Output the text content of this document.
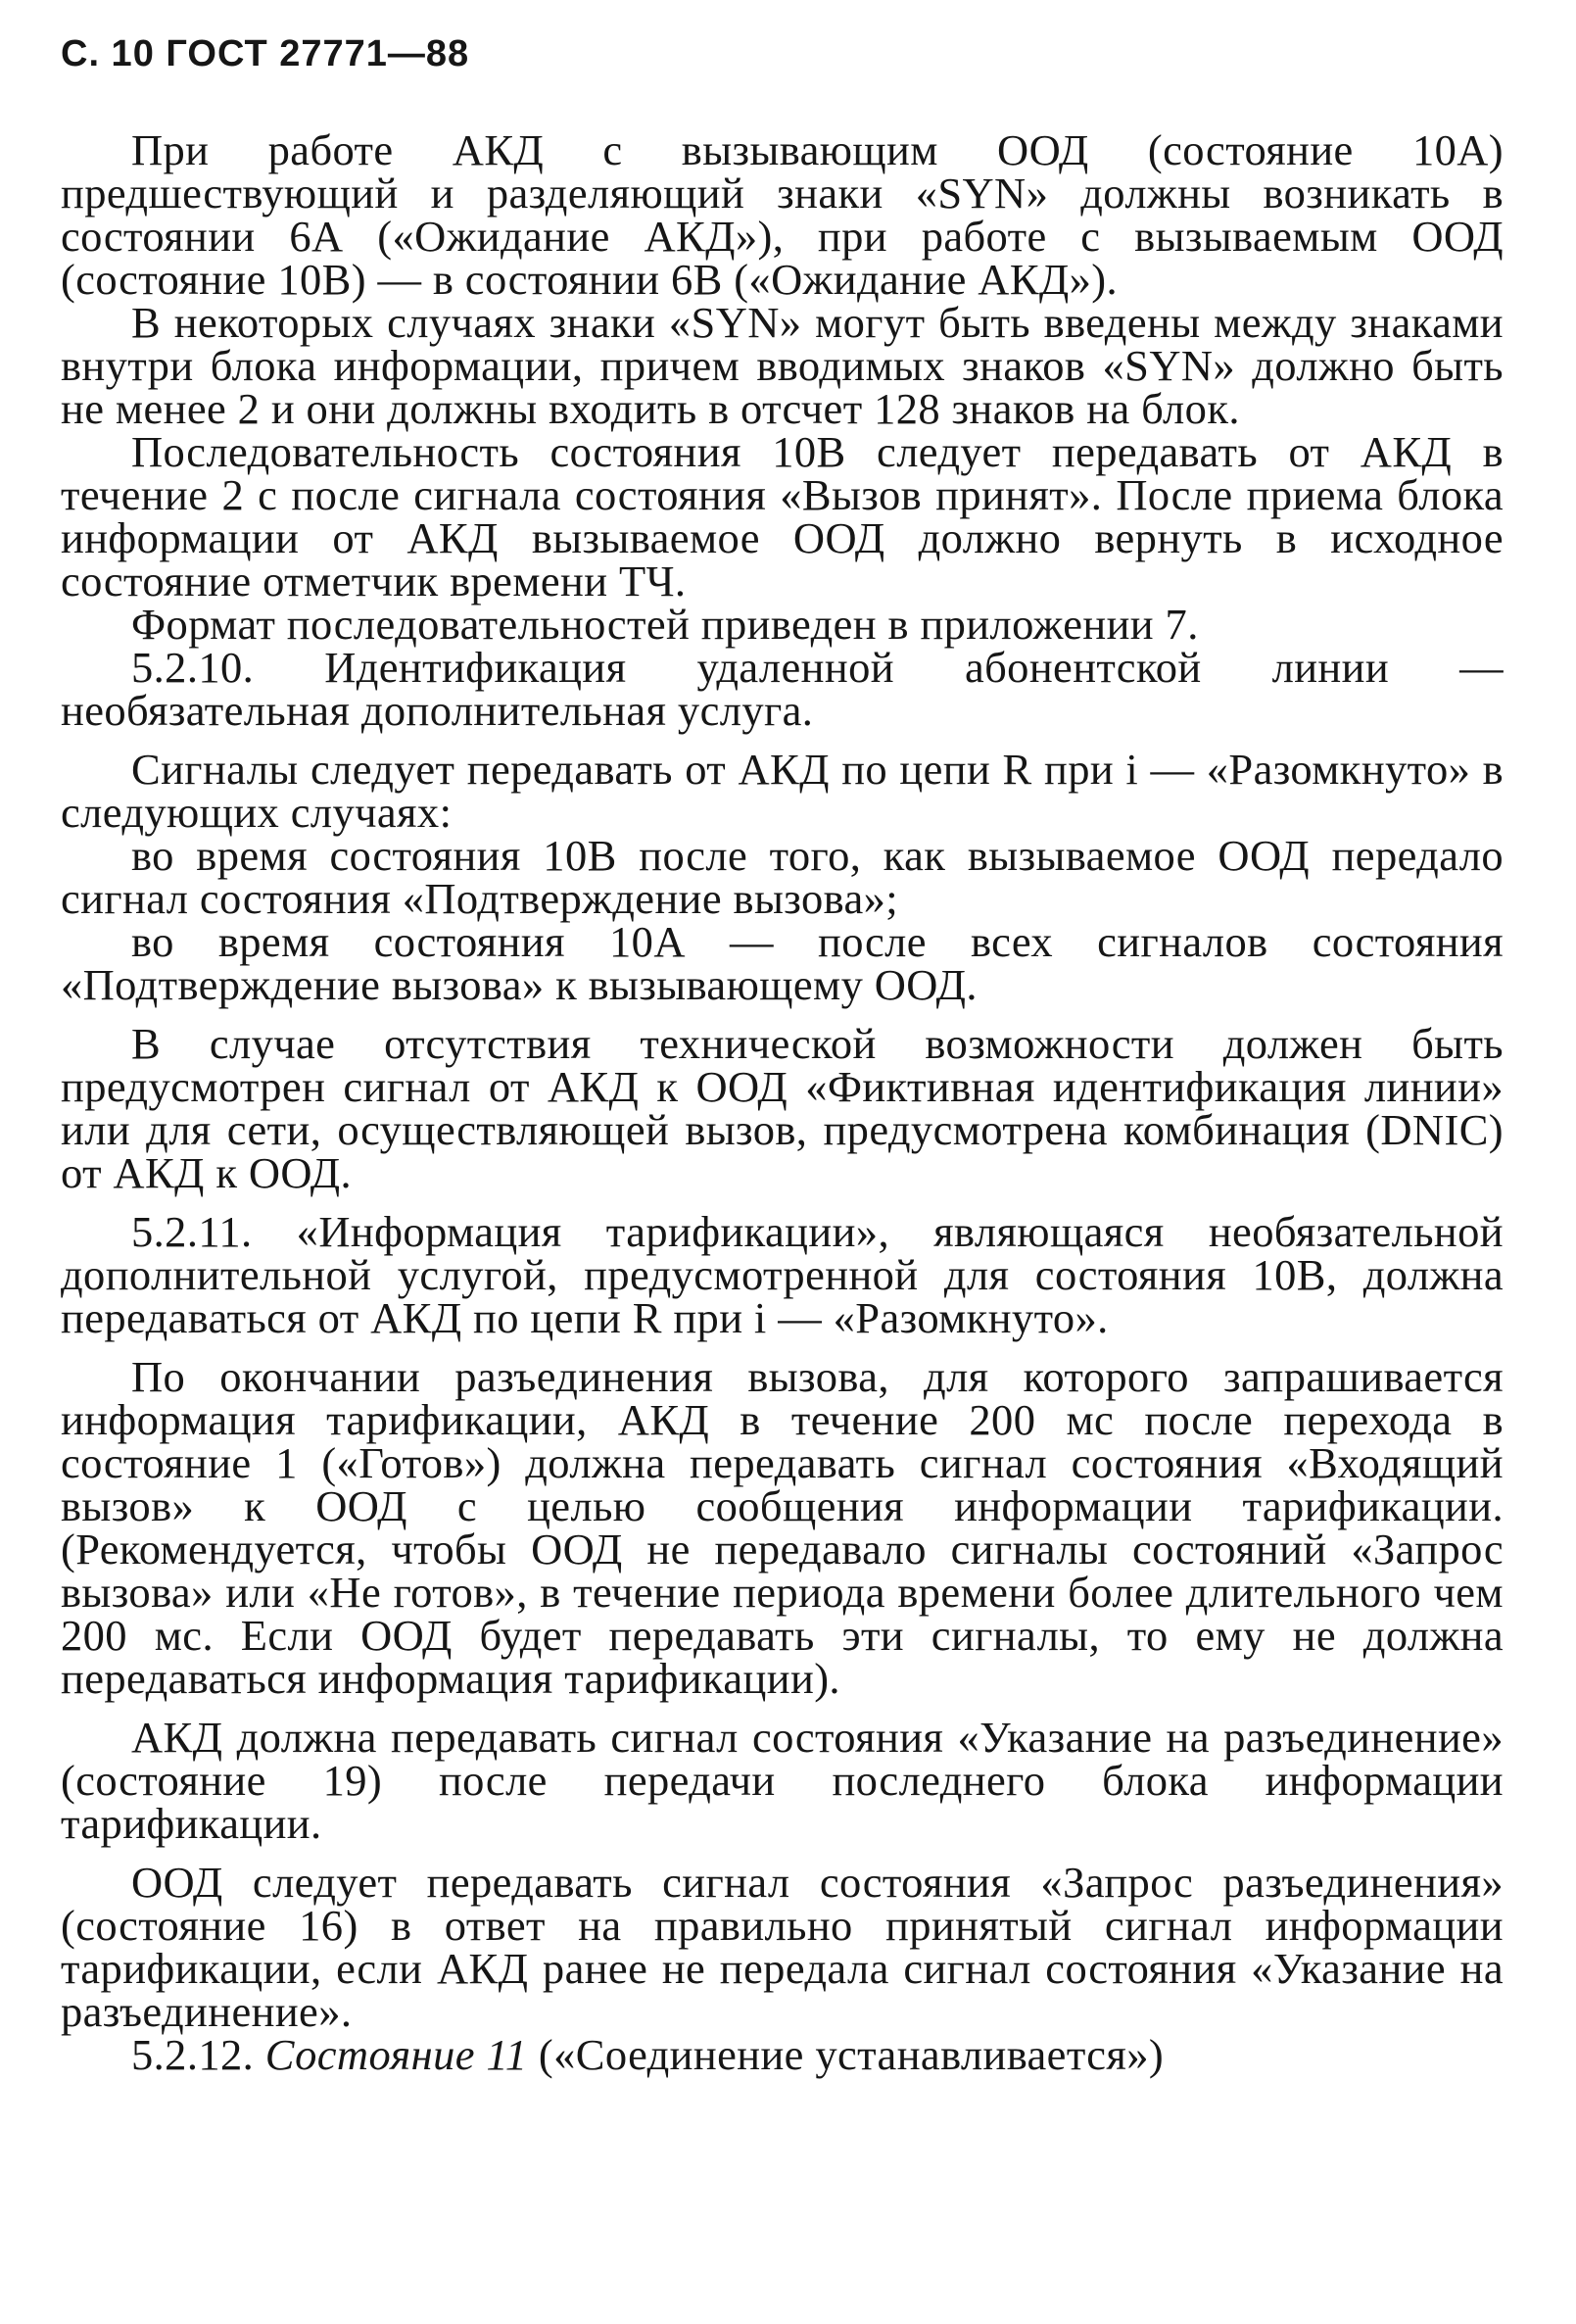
С. 10 ГОСТ 27771—88

При работе АКД с вызывающим ООД (состояние 10А) предшествующий и разделяющий знаки «SYN» должны возникать в состоянии 6А («Ожидание АКД»), при работе с вызываемым ООД (состояние 10В) — в состоянии 6В («Ожидание АКД»).

В некоторых случаях знаки «SYN» могут быть введены между знаками внутри блока информации, причем вводимых знаков «SYN» должно быть не менее 2 и они должны входить в отсчет 128 знаков на блок.

Последовательность состояния 10В следует передавать от АКД в течение 2 с после сигнала состояния «Вызов принят». После приема блока информации от АКД вызываемое ООД должно вернуть в исходное состояние отметчик времени ТЧ.

Формат последовательностей приведен в приложении 7.

5.2.10. Идентификация удаленной абонентской линии — необязательная дополнительная услуга.

Сигналы следует передавать от АКД по цепи R при i — «Разомкнуто» в следующих случаях:

во время состояния 10В после того, как вызываемое ООД передало сигнал состояния «Подтверждение вызова»;

во время состояния 10А — после всех сигналов состояния «Подтверждение вызова» к вызывающему ООД.

В случае отсутствия технической возможности должен быть предусмотрен сигнал от АКД к ООД «Фиктивная идентификация линии» или для сети, осуществляющей вызов, предусмотрена комбинация (DNIC) от АКД к ООД.

5.2.11. «Информация тарификации», являющаяся необязательной дополнительной услугой, предусмотренной для состояния 10В, должна передаваться от АКД по цепи R при i — «Разомкнуто».

По окончании разъединения вызова, для которого запрашивается информация тарификации, АКД в течение 200 мс после перехода в состояние 1 («Готов») должна передавать сигнал состояния «Входящий вызов» к ООД с целью сообщения информации тарификации. (Рекомендуется, чтобы ООД не передавало сигналы состояний «Запрос вызова» или «Не готов», в течение периода времени более длительного чем 200 мс. Если ООД будет передавать эти сигналы, то ему не должна передаваться информация тарификации).

АКД должна передавать сигнал состояния «Указание на разъединение» (состояние 19) после передачи последнего блока информации тарификации.

ООД следует передавать сигнал состояния «Запрос разъединения» (состояние 16) в ответ на правильно принятый сигнал информации тарификации, если АКД ранее не передала сигнал состояния «Указание на разъединение».

5.2.12. Состояние 11 («Соединение устанавливается»)
